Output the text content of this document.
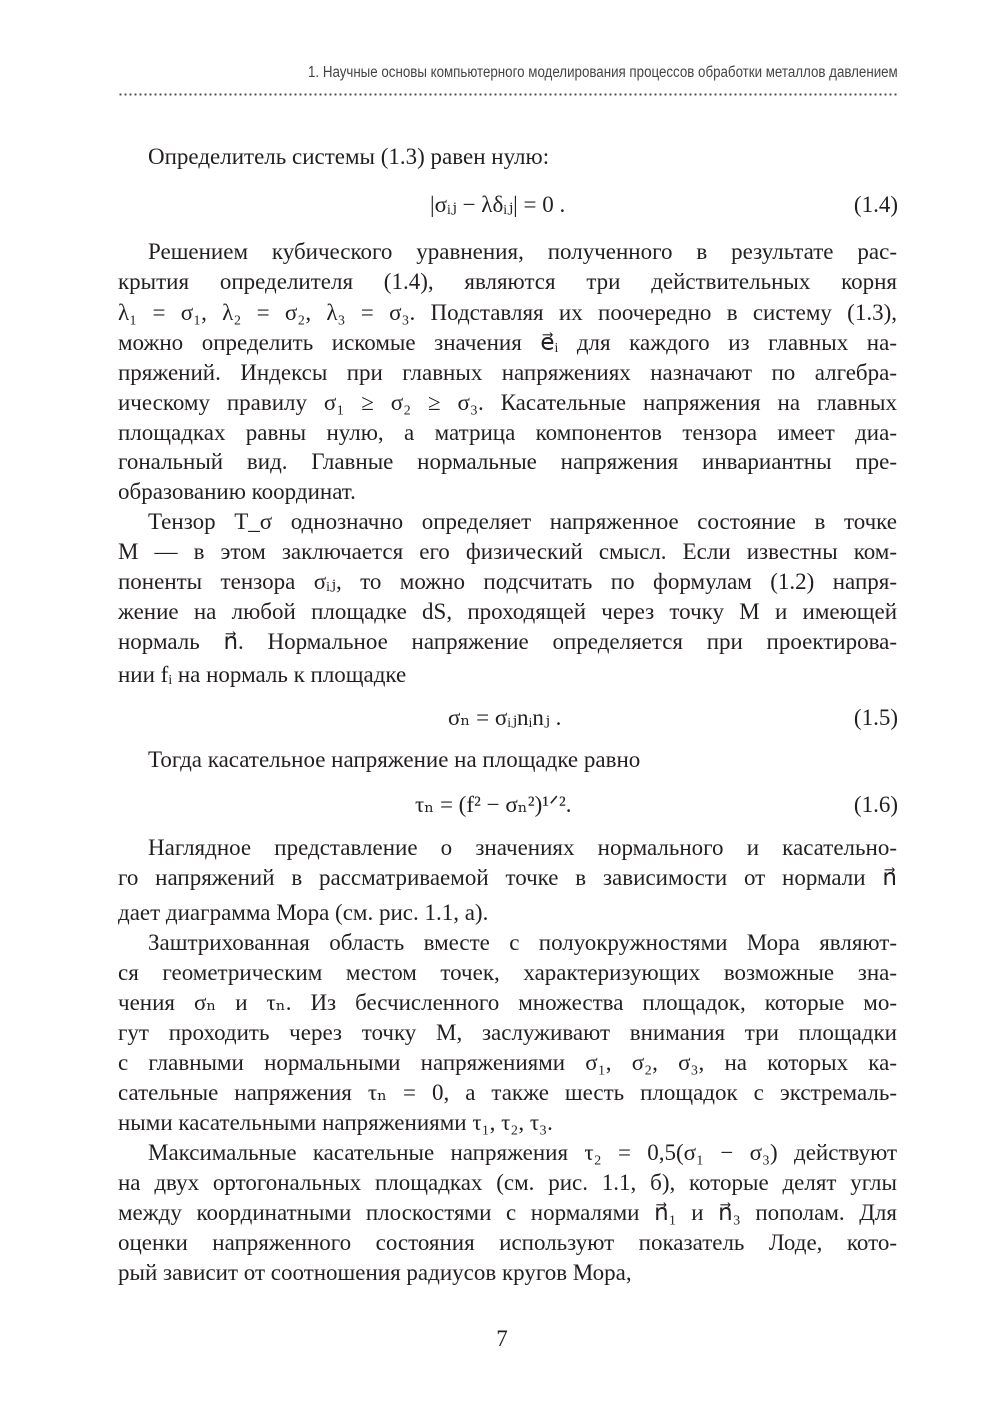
1. Научные основы компьютерного моделирования процессов обработки металлов давлением
Определитель системы (1.3) равен нулю:
Решением кубического уравнения, полученного в результате рас-
крытия определителя (1.4), являются три действительных корня
λ₁ = σ₁, λ₂ = σ₂, λ₃ = σ₃. Подставляя их поочередно в систему (1.3),
можно определить искомые значения e⃗ᵢ для каждого из главных на-
пряжений. Индексы при главных напряжениях назначают по алгебра-
ическому правилу σ₁ ≥ σ₂ ≥ σ₃. Касательные напряжения на главных
площадках равны нулю, а матрица компонентов тензора имеет диа-
гональный вид. Главные нормальные напряжения инвариантны пре-
образованию координат.
Тензор T_σ однозначно определяет напряженное состояние в точке
M — в этом заключается его физический смысл. Если известны ком-
поненты тензора σᵢⱼ, то можно подсчитать по формулам (1.2) напря-
жение на любой площадке dS, проходящей через точку M и имеющей
нормаль n⃗. Нормальное напряжение определяется при проектирова-
нии fᵢ на нормаль к площадке
Тогда касательное напряжение на площадке равно
Наглядное представление о значениях нормального и касательно-
го напряжений в рассматриваемой точке в зависимости от нормали n⃗
дает диаграмма Мора (см. рис. 1.1, а).
Заштрихованная область вместе с полуокружностями Мора являют-
ся геометрическим местом точек, характеризующих возможные зна-
чения σₙ и τₙ. Из бесчисленного множества площадок, которые мо-
гут проходить через точку M, заслуживают внимания три площадки
с главными нормальными напряжениями σ₁, σ₂, σ₃, на которых ка-
сательные напряжения τₙ = 0, а также шесть площадок с экстремаль-
ными касательными напряжениями τ₁, τ₂, τ₃.
Максимальные касательные напряжения τ₂ = 0,5(σ₁ − σ₃) действуют
на двух ортогональных площадках (см. рис. 1.1, б), которые делят углы
между координатными плоскостями с нормалями n⃗₁ и n⃗₃ пополам. Для
оценки напряженного состояния используют показатель Лоде, кото-
рый зависит от соотношения радиусов кругов Мора,
|σᵢⱼ − λδᵢⱼ| = 0 .	(1.4)
σₙ = σᵢⱼnᵢnⱼ .	(1.5)
τₙ = (f² − σₙ²)¹ᐟ².	(1.6)
7
